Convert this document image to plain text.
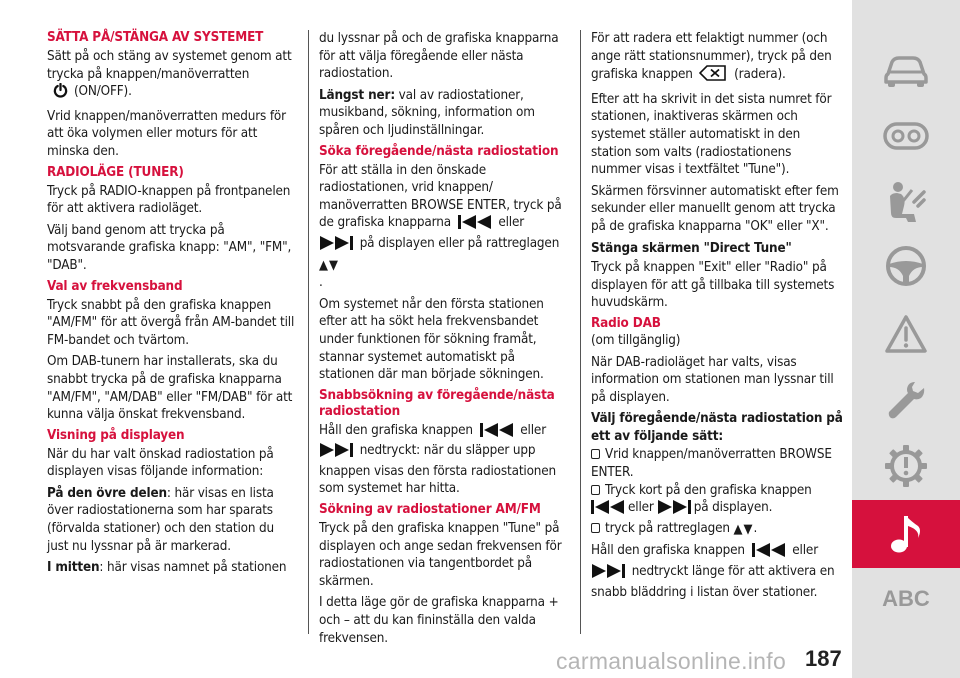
SÄTTA PÅ/STÄNGA AV SYSTEMET

Sätt på och stäng av systemet genom att trycka på knappen/manöverratten
(ON/OFF).

Vrid knappen/manöverratten medurs för att öka volymen eller moturs för att minska den.

RADIOLÄGE (TUNER)

Tryck på RADIO-knappen på frontpanelen för att aktivera radioläget.

Välj band genom att trycka på motsvarande grafiska knapp: "AM", "FM", "DAB".

Val av frekvensband

Tryck snabbt på den grafiska knappen "AM/FM" för att övergå från AM-bandet till FM-bandet och tvärtom.

Om DAB-tunern har installerats, ska du snabbt trycka på de grafiska knapparna "AM/FM", "AM/DAB" eller "FM/DAB" för att kunna välja önskat frekvensband.

Visning på displayen

När du har valt önskad radiostation på displayen visas följande information:

På den övre delen: här visas en lista över radiostationerna som har sparats (förvalda stationer) och den station du just nu lyssnar på är markerad.

I mitten: här visas namnet på stationen

du lyssnar på och de grafiska knapparna för att välja föregående eller nästa radiostation.

Längst ner: val av radiostationer, musikband, sökning, information om spåren och ljudinställningar.

Söka föregående/nästa radiostation

För att ställa in den önskade radiostationen, vrid knappen/ manöverratten BROWSE ENTER, tryck på de grafiska knapparna	eller
på displayen eller på rattreglagen
▲▼
.

Om systemet når den första stationen efter att ha sökt hela frekvensbandet under funktionen för sökning framåt, stannar systemet automatiskt på stationen där man började sökningen.

Snabbsökning av föregående/nästa radiostation

Håll den grafiska knappen	eller
nedtryckt: när du släpper upp knappen visas den första radiostationen som systemet har hitta.

Sökning av radiostationer AM/FM

Tryck på den grafiska knappen "Tune" på displayen och ange sedan frekvensen för radiostationen via tangentbordet på skärmen.

I detta läge gör de grafiska knapparna + och – att du kan fininställa den valda frekvensen.

För att radera ett felaktigt nummer (och ange rätt stationsnummer), tryck på den grafiska knappen	(radera).

Efter att ha skrivit in det sista numret för stationen, inaktiveras skärmen och systemet ställer automatiskt in den station som valts (radiostationens nummer visas i textfältet "Tune").

Skärmen försvinner automatiskt efter fem sekunder eller manuellt genom att trycka på de grafiska knapparna "OK" eller "X".

Stänga skärmen "Direct Tune"

Tryck på knappen "Exit" eller "Radio" på displayen för att gå tillbaka till systemets huvudskärm.

Radio DAB

(om tillgänglig)

När DAB-radioläget har valts, visas information om stationen man lyssnar till på displayen.

Välj föregående/nästa radiostation på ett av följande sätt:

Vrid knappen/manöverratten BROWSE ENTER.
Tryck kort på den grafiska knappen
eller	på displayen.
tryck på rattreglagen ▲▼.

Håll den grafiska knappen	eller
nedtryckt länge för att aktivera en snabb bläddring i listan över stationer.	ABC
carmanualsonline.info 187
